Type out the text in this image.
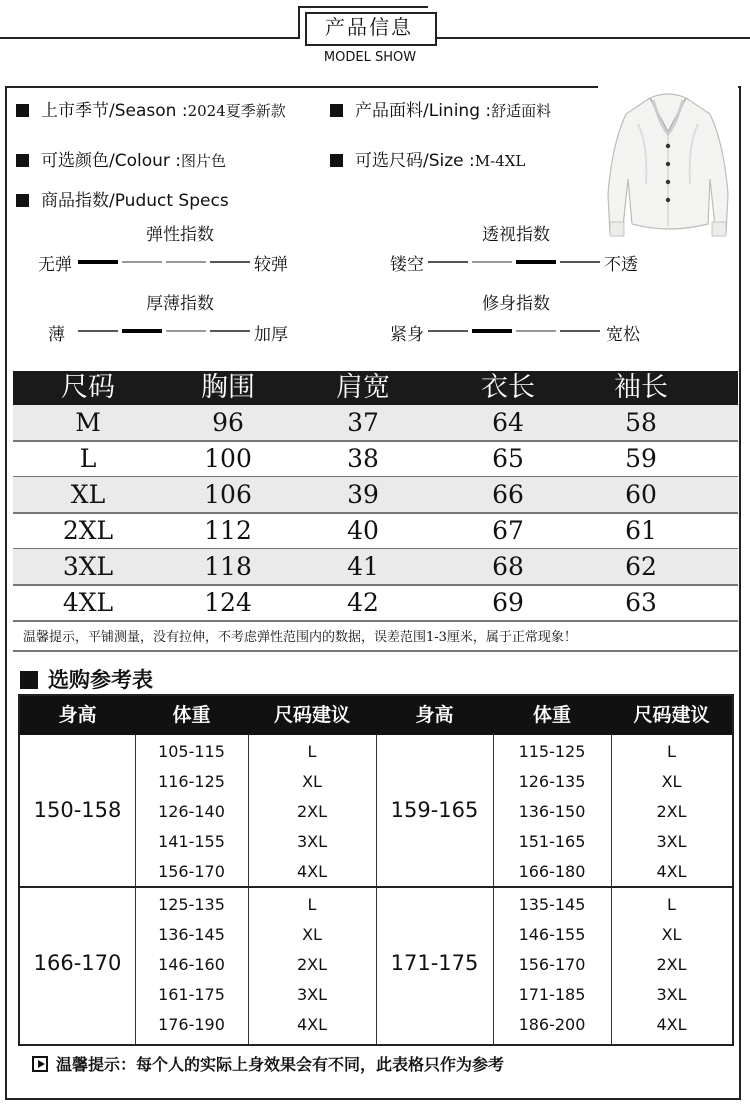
产品信息
MODEL SHOW
上市季节/Season :2024夏季新款	产品面料/Lining :舒适面料
可选颜色/Colour :图片色	可选尺码/Size :M-4XL
商品指数/Puduct Specs
弹性指数
无弹	较弹
透视指数
镂空	不透
厚薄指数
薄	加厚
修身指数
紧身	宽松
尺码	胸围	肩宽	衣长	袖长
M	96	37	64	58
L	100	38	65	59
XL	106	39	66	60
2XL	112	40	67	61
3XL	118	41	68	62
4XL	124	42	69	63
温馨提示，平铺测量，没有拉伸，不考虑弹性范围内的数据，误差范围1-3厘米，属于正常现象！
选购参考表
身高	体重	尺码建议	身高	体重	尺码建议
150-158
105-115	L
116-125	XL
126-140	2XL
141-155	3XL
156-170	4XL
159-165
115-125	L
126-135	XL
136-150	2XL
151-165	3XL
166-180	4XL
166-170
125-135	L
136-145	XL
146-160	2XL
161-175	3XL
176-190	4XL
171-175
135-145	L
146-155	XL
156-170	2XL
171-185	3XL
186-200	4XL
温馨提示：每个人的实际上身效果会有不同，此表格只作为参考
